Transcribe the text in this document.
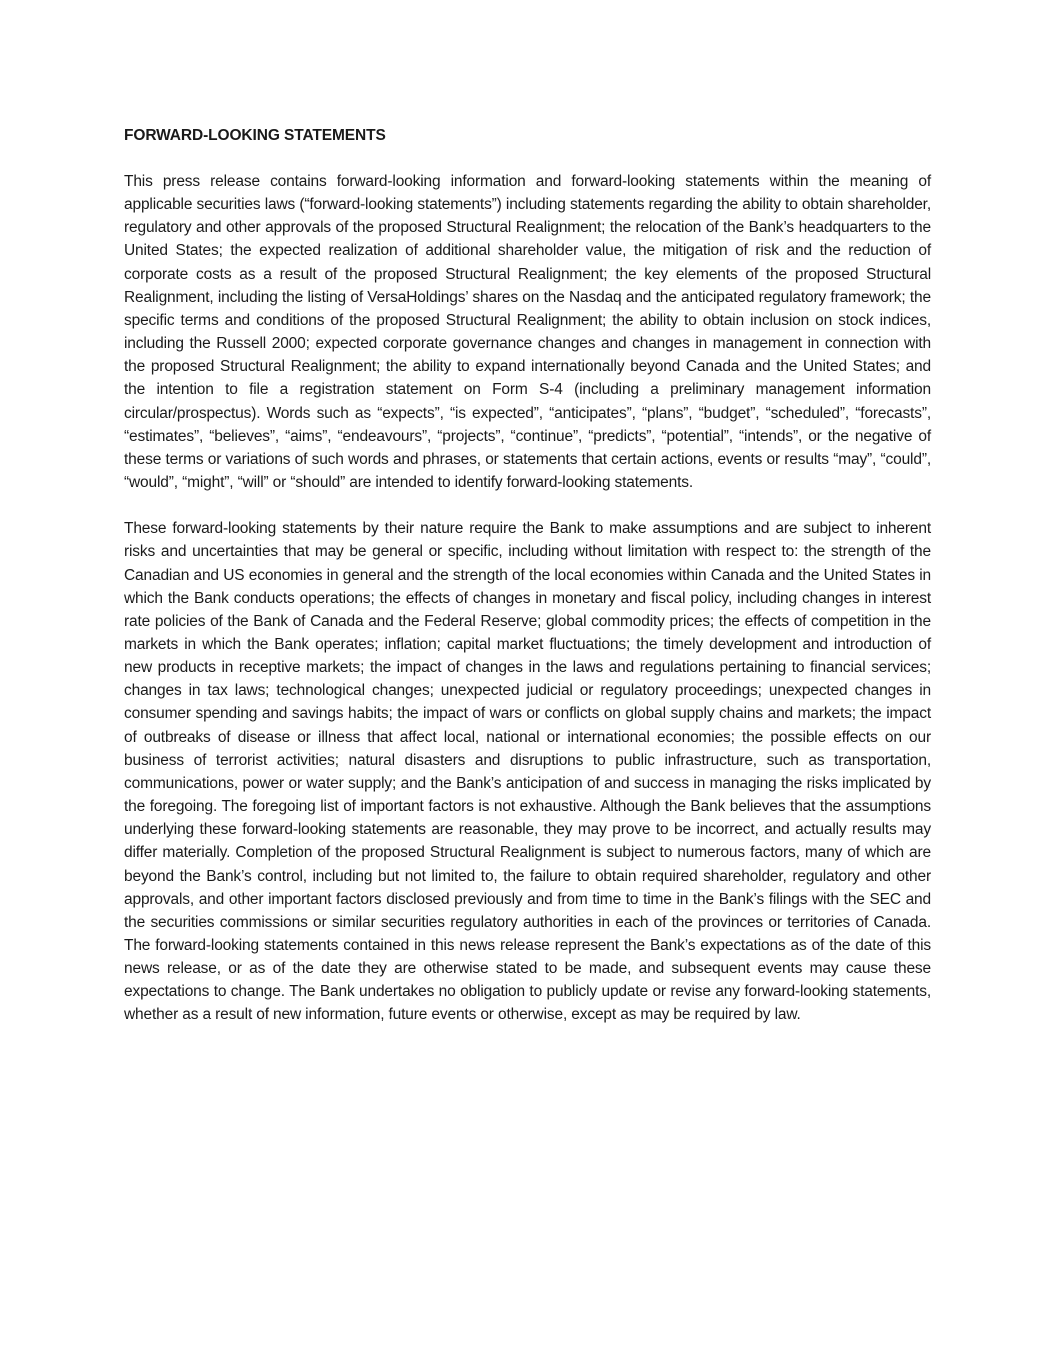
FORWARD-LOOKING STATEMENTS

This press release contains forward-looking information and forward-looking statements within the meaning of applicable securities laws (“forward-looking statements”) including statements regarding the ability to obtain shareholder, regulatory and other approvals of the proposed Structural Realignment; the relocation of the Bank’s headquarters to the United States; the expected realization of additional shareholder value, the mitigation of risk and the reduction of corporate costs as a result of the proposed Structural Realignment; the key elements of the proposed Structural Realignment, including the listing of VersaHoldings’ shares on the Nasdaq and the anticipated regulatory framework; the specific terms and conditions of the proposed Structural Realignment; the ability to obtain inclusion on stock indices, including the Russell 2000; expected corporate governance changes and changes in management in connection with the proposed Structural Realignment; the ability to expand internationally beyond Canada and the United States; and the intention to file a registration statement on Form S-4 (including a preliminary management information circular/prospectus). Words such as “expects”, “is expected”, “anticipates”, “plans”, “budget”, “scheduled”, “forecasts”, “estimates”, “believes”, “aims”, “endeavours”, “projects”, “continue”, “predicts”, “potential”, “intends”, or the negative of these terms or variations of such words and phrases, or statements that certain actions, events or results “may”, “could”, “would”, “might”, “will” or “should” are intended to identify forward-looking statements.

These forward-looking statements by their nature require the Bank to make assumptions and are subject to inherent risks and uncertainties that may be general or specific, including without limitation with respect to: the strength of the Canadian and US economies in general and the strength of the local economies within Canada and the United States in which the Bank conducts operations; the effects of changes in monetary and fiscal policy, including changes in interest rate policies of the Bank of Canada and the Federal Reserve; global commodity prices; the effects of competition in the markets in which the Bank operates; inflation; capital market fluctuations; the timely development and introduction of new products in receptive markets; the impact of changes in the laws and regulations pertaining to financial services; changes in tax laws; technological changes; unexpected judicial or regulatory proceedings; unexpected changes in consumer spending and savings habits; the impact of wars or conflicts on global supply chains and markets; the impact of outbreaks of disease or illness that affect local, national or international economies; the possible effects on our business of terrorist activities; natural disasters and disruptions to public infrastructure, such as transportation, communications, power or water supply; and the Bank’s anticipation of and success in managing the risks implicated by the foregoing. The foregoing list of important factors is not exhaustive. Although the Bank believes that the assumptions underlying these forward-looking statements are reasonable, they may prove to be incorrect, and actually results may differ materially. Completion of the proposed Structural Realignment is subject to numerous factors, many of which are beyond the Bank’s control, including but not limited to, the failure to obtain required shareholder, regulatory and other approvals, and other important factors disclosed previously and from time to time in the Bank’s filings with the SEC and the securities commissions or similar securities regulatory authorities in each of the provinces or territories of Canada. The forward-looking statements contained in this news release represent the Bank’s expectations as of the date of this news release, or as of the date they are otherwise stated to be made, and subsequent events may cause these expectations to change. The Bank undertakes no obligation to publicly update or revise any forward-looking statements, whether as a result of new information, future events or otherwise, except as may be required by law.
